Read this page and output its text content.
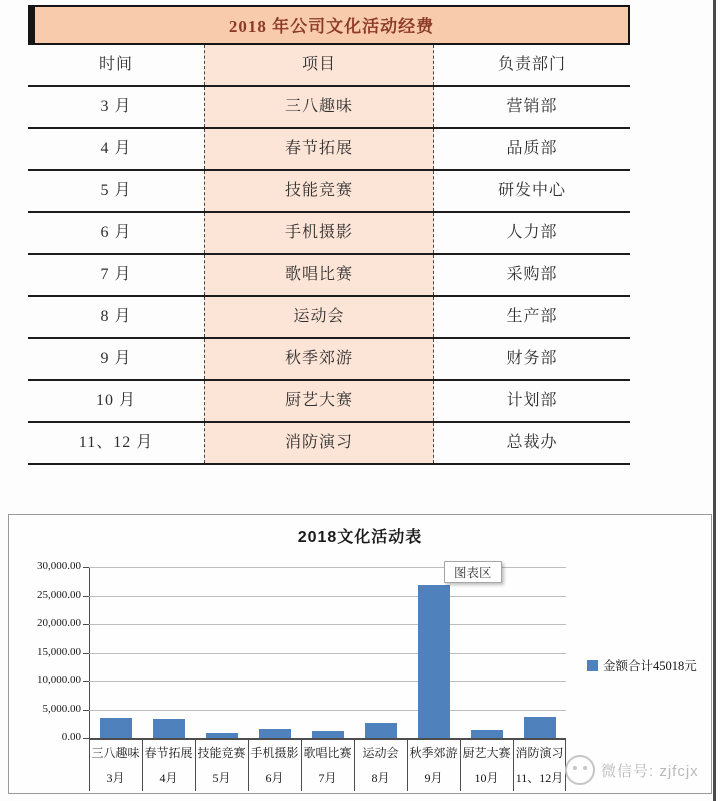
2018 年公司文化活动经费
时间	项目	负责部门
3 月	三八趣味	营销部
4 月	春节拓展	品质部
5 月	技能竞赛	研发中心
6 月	手机摄影	人力部
7 月	歌唱比赛	采购部
8 月	运动会	生产部
9 月	秋季郊游	财务部
10 月	厨艺大赛	计划部
11、12 月	消防演习	总裁办
2018文化活动表
三八趣味
3月
春节拓展
4月
技能竞赛
5月
手机摄影
6月
歌唱比赛
7月
运动会
8月
秋季郊游
9月
厨艺大赛
10月
消防演习
11、12月
金额合计45018元
图表区
微信号: zjfcjx
30,000.00
25,000.00
20,000.00
15,000.00
10,000.00
5,000.00
0.00
